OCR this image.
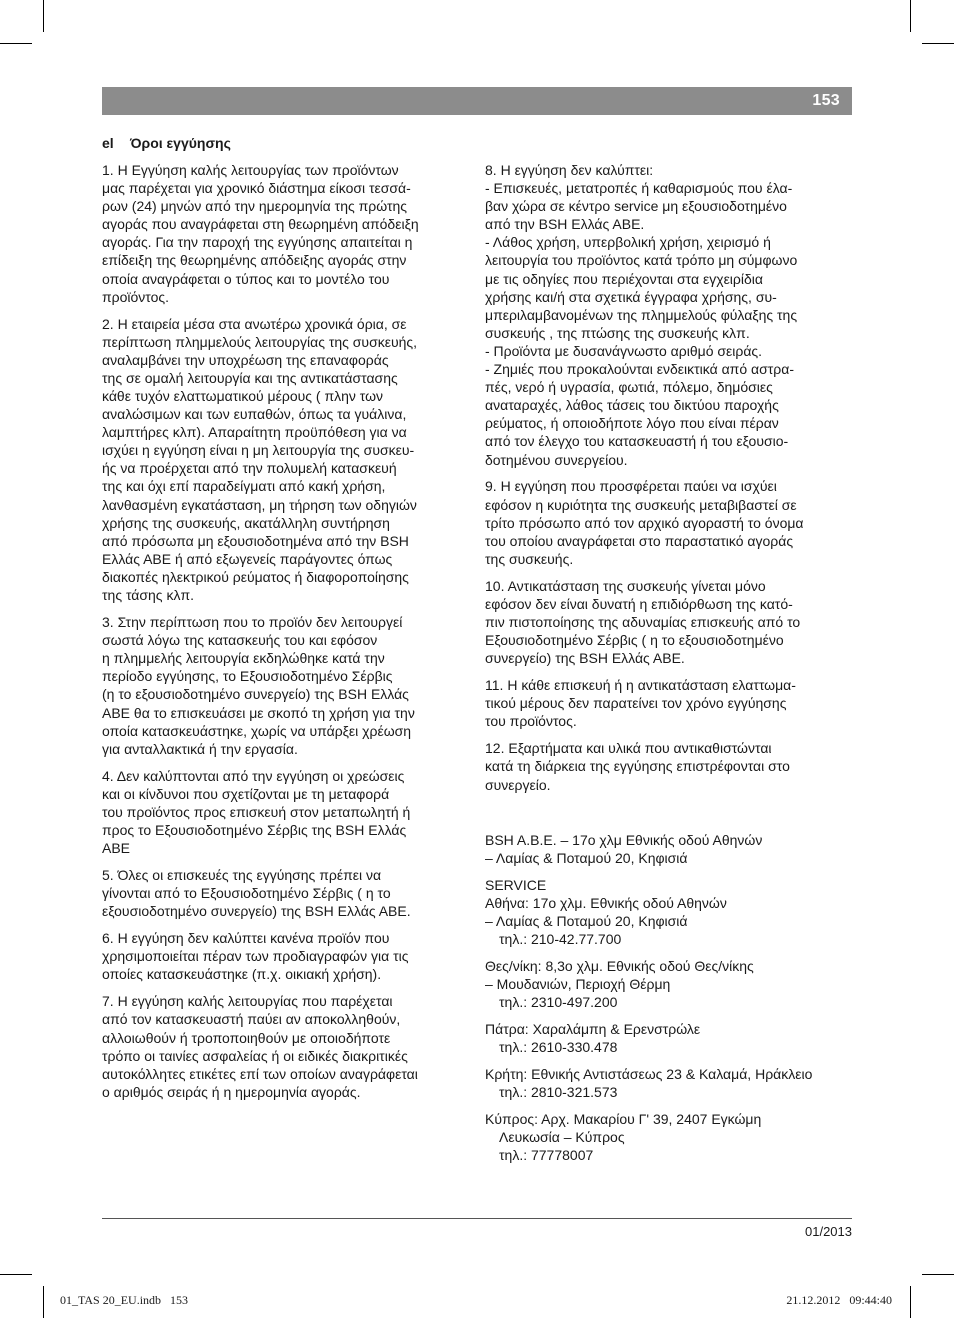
153
el Όροι εγγύησης
1. Η Εγγύηση καλής λειτουργίας των προϊόντων
μας παρέχεται για χρονικό διάστημα είκοσι τεσσά-
ρων (24) μηνών από την ημερομηνία της πρώτης
αγοράς που αναγράφεται στη θεωρημένη απόδειξη
αγοράς. Για την παροχή της εγγύησης απαιτείται η
επίδειξη της θεωρημένης απόδειξης αγοράς στην
οποία αναγράφεται ο τύπος και το μοντέλο του
προϊόντος.
2. Η εταιρεία μέσα στα ανωτέρω χρονικά όρια, σε
περίπτωση πλημμελούς λειτουργίας της συσκευής,
αναλαμβάνει την υποχρέωση της επαναφοράς
της σε ομαλή λειτουργία και της αντικατάστασης
κάθε τυχόν ελαττωματικού μέρους ( πλην των
αναλώσιμων και των ευπαθών, όπως τα γυάλινα,
λαμπτήρες κλπ). Απαραίτητη προϋπόθεση για να
ισχύει η εγγύηση είναι η μη λειτουργία της συσκευ-
ής να προέρχεται από την πολυμελή κατασκευή
της και όχι επί παραδείγματι από κακή χρήση,
λανθασμένη εγκατάσταση, μη τήρηση των οδηγιών
χρήσης της συσκευής, ακατάλληλη συντήρηση
από πρόσωπα μη εξουσιοδοτημένα από την BSH
Ελλάς ΑΒΕ ή από εξωγενείς παράγοντες όπως
διακοπές ηλεκτρικού ρεύματος ή διαφοροποίησης
της τάσης κλπ.
3. Στην περίπτωση που το προϊόν δεν λειτουργεί
σωστά λόγω της κατασκευής του και εφόσον
η πλημμελής λειτουργία εκδηλώθηκε κατά την
περίοδο εγγύησης, το Εξουσιοδοτημένο Σέρβις
(η το εξουσιοδοτημένο συνεργείο) της BSH Ελλάς
ΑΒΕ θα το επισκευάσει με σκοπό τη χρήση για την
οποία κατασκευάστηκε, χωρίς να υπάρξει χρέωση
για ανταλλακτικά ή την εργασία.
4. Δεν καλύπτονται από την εγγύηση οι χρεώσεις
και οι κίνδυνοι που σχετίζονται με τη μεταφορά
του προϊόντος προς επισκευή στον μεταπωλητή ή
προς το Εξουσιοδοτημένο Σέρβις της BSH Ελλάς
ΑΒΕ
5. Όλες οι επισκευές της εγγύησης πρέπει να
γίνονται από το Εξουσιοδοτημένο Σέρβις ( η το
εξουσιοδοτημένο συνεργείο) της BSH Ελλάς ΑΒΕ.
6. Η εγγύηση δεν καλύπτει κανένα προϊόν που
χρησιμοποιείται πέραν των προδιαγραφών για τις
οποίες κατασκευάστηκε (π.χ. οικιακή χρήση).
7. Η εγγύηση καλής λειτουργίας που παρέχεται
από τον κατασκευαστή παύει αν αποκολληθούν,
αλλοιωθούν ή τροποποιηθούν με οποιοδήποτε
τρόπο οι ταινίες ασφαλείας ή οι ειδικές διακριτικές
αυτοκόλλητες ετικέτες επί των οποίων αναγράφεται
ο αριθμός σειράς ή η ημερομηνία αγοράς.
8. Η εγγύηση δεν καλύπτει:
- Επισκευές, μετατροπές ή καθαρισμούς που έλα-
βαν χώρα σε κέντρο service μη εξουσιοδοτημένο
από την BSH Ελλάς ΑΒΕ.
- Λάθος χρήση, υπερβολική χρήση, χειρισμό ή
λειτουργία του προϊόντος κατά τρόπο μη σύμφωνο
με τις οδηγίες που περιέχονται στα εγχειρίδια
χρήσης και/ή στα σχετικά έγγραφα χρήσης, συ-
μπεριλαμβανομένων της πλημμελούς φύλαξης της
συσκευής , της πτώσης της συσκευής κλπ.
- Προϊόντα με δυσανάγνωστο αριθμό σειράς.
- Ζημιές που προκαλούνται ενδεικτικά από αστρα-
πές, νερό ή υγρασία, φωτιά, πόλεμο, δημόσιες
αναταραχές, λάθος τάσεις του δικτύου παροχής
ρεύματος, ή οποιοδήποτε λόγο που είναι πέραν
από τον έλεγχο του κατασκευαστή ή του εξουσιο-
δοτημένου συνεργείου.
9. Η εγγύηση που προσφέρεται παύει να ισχύει
εφόσον η κυριότητα της συσκευής μεταβιβαστεί σε
τρίτο πρόσωπο από τον αρχικό αγοραστή το όνομα
του οποίου αναγράφεται στο παραστατικό αγοράς
της συσκευής.
10. Αντικατάσταση της συσκευής γίνεται μόνο
εφόσον δεν είναι δυνατή η επιδιόρθωση της κατό-
πιν πιστοποίησης της αδυναμίας επισκευής από το
Εξουσιοδοτημένο Σέρβις ( η το εξουσιοδοτημένο
συνεργείο) της BSH Ελλάς ΑΒΕ.
11. Η κάθε επισκευή ή η αντικατάσταση ελαττωμα-
τικού μέρους δεν παρατείνει τον χρόνο εγγύησης
του προϊόντος.
12. Εξαρτήματα και υλικά που αντικαθιστώνται
κατά τη διάρκεια της εγγύησης επιστρέφονται στο
συνεργείο.
BSH A.B.E. – 17ο χλμ Εθνικής οδού Αθηνών
– Λαμίας & Ποταμού 20, Κηφισιά
SERVICE
Αθήνα: 17ο χλμ. Εθνικής οδού Αθηνών
– Λαμίας & Ποταμού 20, Κηφισιά
τηλ.: 210-42.77.700
Θες/νίκη: 8,3ο χλμ. Εθνικής οδού Θες/νίκης
– Μουδανιών, Περιοχή Θέρμη
τηλ.: 2310-497.200
Πάτρα: Χαραλάμπη & Ερενστρώλε
τηλ.: 2610-330.478
Κρήτη: Εθνικής Αντιστάσεως 23 & Καλαμά, Ηράκλειο
τηλ.: 2810-321.573
Κύπρος: Αρχ. Μακαρίου Γ' 39, 2407 Εγκώμη
Λευκωσία – Κύπρος
τηλ.: 77778007
01/2013
01_TAS 20_EU.indb   153	21.12.2012   09:44:40
